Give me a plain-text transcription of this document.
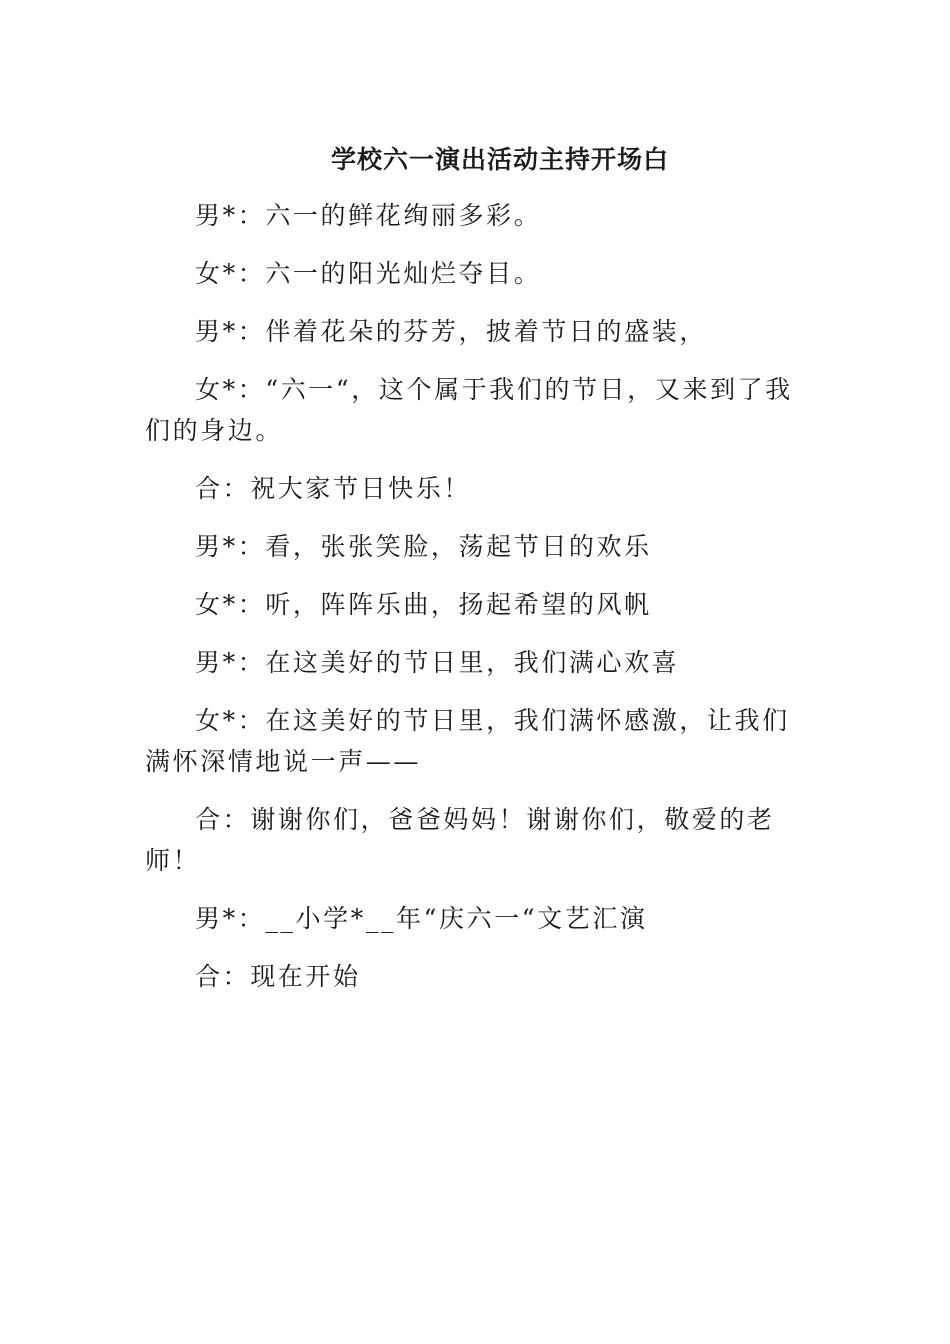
学校六一演出活动主持开场白

男*：六一的鲜花绚丽多彩。

女*：六一的阳光灿烂夺目。

男*：伴着花朵的芬芳，披着节日的盛装，

女*：“六一“，这个属于我们的节日，又来到了我们的身边。

合：祝大家节日快乐！

男*：看，张张笑脸，荡起节日的欢乐

女*：听，阵阵乐曲，扬起希望的风帆

男*：在这美好的节日里，我们满心欢喜

女*：在这美好的节日里，我们满怀感激，让我们满怀深情地说一声——

合：谢谢你们，爸爸妈妈！谢谢你们，敬爱的老师！

男*：__小学*__年“庆六一“文艺汇演

合：现在开始
